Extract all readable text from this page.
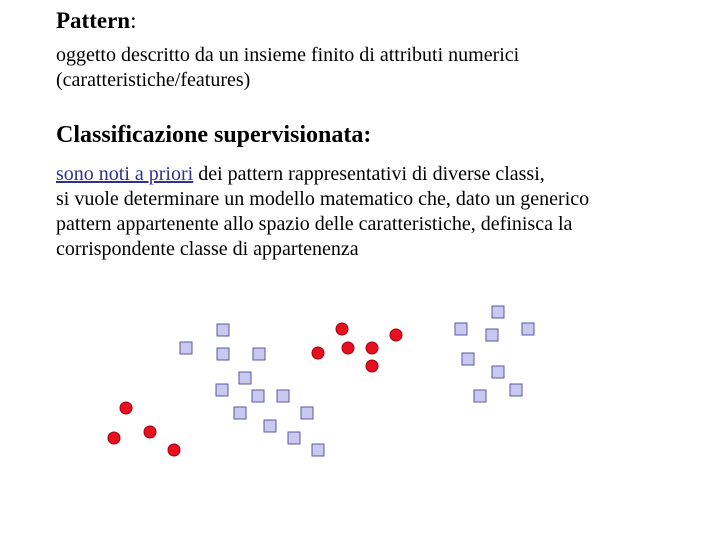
Pattern:
oggetto descritto da un insieme finito di attributi numerici
(caratteristiche/features)
Classificazione supervisionata:
sono noti a priori dei pattern rappresentativi di diverse classi,
si vuole determinare un modello matematico che, dato un generico
pattern appartenente allo spazio delle caratteristiche, definisca la
corrispondente classe di appartenenza
